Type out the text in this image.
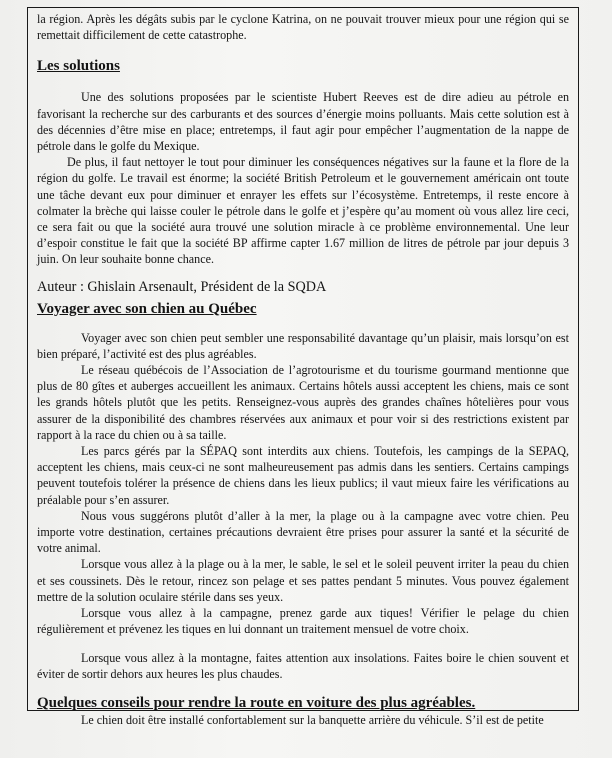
la région. Après les dégâts subis par le cyclone Katrina, on ne pouvait trouver mieux pour une région qui se remettait difficilement de cette catastrophe.

Les solutions

Une des solutions proposées par le scientiste Hubert Reeves est de dire adieu au pétrole en favorisant la recherche sur des carburants et des sources d’énergie moins polluants. Mais cette solution est à des décennies d’être mise en place; entretemps, il faut agir pour empêcher l’augmentation de la nappe de pétrole dans le golfe du Mexique.

De plus, il faut nettoyer le tout pour diminuer les conséquences négatives sur la faune et la flore de la région du golfe. Le travail est énorme; la société British Petroleum et le gouvernement américain ont toute une tâche devant eux pour diminuer et enrayer les effets sur l’écosystème. Entretemps, il reste encore à colmater la brèche qui laisse couler le pétrole dans le golfe et j’espère qu’au moment où vous allez lire ceci, ce sera fait ou que la société aura trouvé une solution miracle à ce problème environnemental. Une leur d’espoir constitue le fait que la société BP affirme capter 1.67 million de litres de pétrole par jour depuis 3 juin. On leur souhaite bonne chance.

Auteur : Ghislain Arsenault, Président de la SQDA

Voyager avec son chien au Québec

Voyager avec son chien peut sembler une responsabilité davantage qu’un plaisir, mais lorsqu’on est bien préparé, l’activité est des plus agréables.

Le réseau québécois de l’Association de l’agrotourisme et du tourisme gourmand mentionne que plus de 80 gîtes et auberges accueillent les animaux. Certains hôtels aussi acceptent les chiens, mais ce sont les grands hôtels plutôt que les petits. Renseignez-vous auprès des grandes chaînes hôtelières pour vous assurer de la disponibilité des chambres réservées aux animaux et pour voir si des restrictions existent par rapport à la race du chien ou à sa taille.

Les parcs gérés par la SÉPAQ sont interdits aux chiens. Toutefois, les campings de la SEPAQ, acceptent les chiens, mais ceux-ci ne sont malheureusement pas admis dans les sentiers. Certains campings peuvent toutefois tolérer la présence de chiens dans les lieux publics; il vaut mieux faire les vérifications au préalable pour s’en assurer.

Nous vous suggérons plutôt d’aller à la mer, la plage ou à la campagne avec votre chien. Peu importe votre destination, certaines précautions devraient être prises pour assurer la santé et la sécurité de votre animal.

Lorsque vous allez à la plage ou à la mer, le sable, le sel et le soleil peuvent irriter la peau du chien et ses coussinets. Dès le retour, rincez son pelage et ses pattes pendant 5 minutes. Vous pouvez également mettre de la solution oculaire stérile dans ses yeux.

Lorsque vous allez à la campagne, prenez garde aux tiques! Vérifier le pelage du chien régulièrement et prévenez les tiques en lui donnant un traitement mensuel de votre choix.

Lorsque vous allez à la montagne, faites attention aux insolations. Faites boire le chien souvent et éviter de sortir dehors aux heures les plus chaudes.

Quelques conseils pour rendre la route en voiture des plus agréables.

Le chien doit être installé confortablement sur la banquette arrière du véhicule. S’il est de petite
